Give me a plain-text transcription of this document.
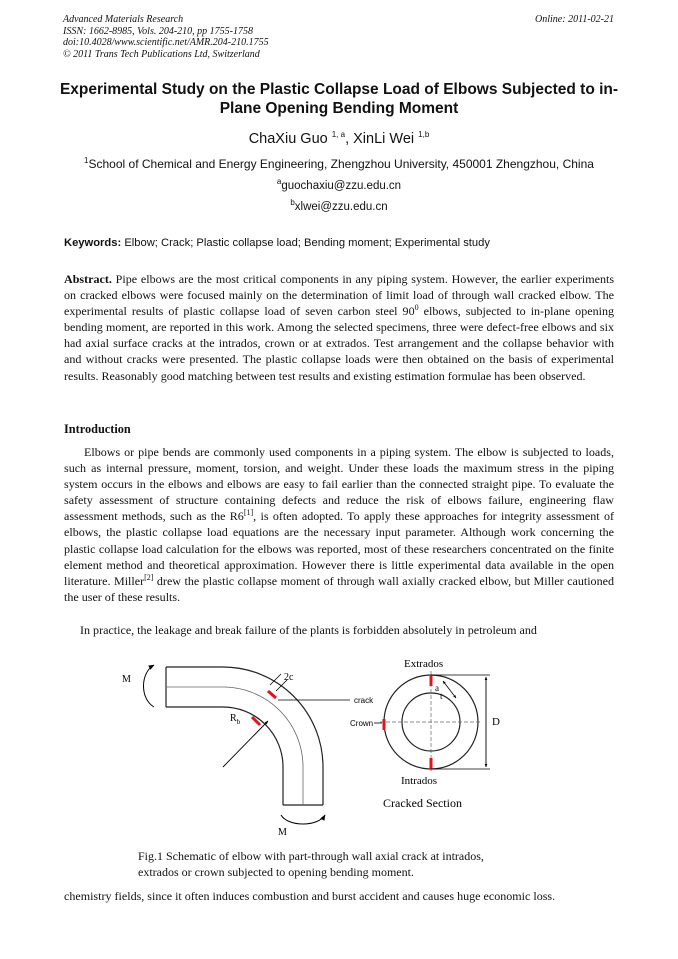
Advanced Materials Research
ISSN: 1662-8985, Vols. 204-210, pp 1755-1758
doi:10.4028/www.scientific.net/AMR.204-210.1755
© 2011 Trans Tech Publications Ltd, Switzerland
Online: 2011-02-21
Experimental Study on the Plastic Collapse Load of Elbows Subjected to in-Plane Opening Bending Moment
ChaXiu Guo $^{1, a}$, XinLi Wei $^{1,b}$
$^1$School of Chemical and Energy Engineering, Zhengzhou University, 450001 Zhengzhou, China
$^a$guochaxiu@zzu.edu.cn
$^b$xlwei@zzu.edu.cn
Keywords: Elbow; Crack; Plastic collapse load; Bending moment; Experimental study
Abstract. Pipe elbows are the most critical components in any piping system. However, the earlier experiments on cracked elbows were focused mainly on the determination of limit load of through wall cracked elbow. The experimental results of plastic collapse load of seven carbon steel $90^0$ elbows, subjected to in-plane opening bending moment, are reported in this work. Among the selected specimens, three were defect-free elbows and six had axial surface cracks at the intrados, crown or at extrados. Test arrangement and the collapse behavior with and without cracks were presented. The plastic collapse loads were then obtained on the basis of experimental results. Reasonably good matching between test results and existing estimation formulae has been observed.
Introduction
Elbows or pipe bends are commonly used components in a piping system. The elbow is subjected to loads, such as internal pressure, moment, torsion, and weight. Under these loads the maximum stress in the piping system occurs in the elbows and elbows are easy to fail earlier than the connected straight pipe. To evaluate the safety assessment of structure containing defects and reduce the risk of elbows failure, engineering flaw assessment methods, such as the R6[1], is often adopted. To apply these approaches for integrity assessment of elbows, the plastic collapse load equations are the necessary input parameter. Although work concerning the plastic collapse load calculation for the elbows was reported, most of these researchers concentrated on the finite element method and theoretical approximation. However there is little experimental data available in the open literature. Miller[2] drew the plastic collapse moment of through wall axially cracked elbow, but Miller cautioned the user of these results.
In practice, the leakage and break failure of the plants is forbidden absolutely in petroleum and
$R_b$
2c
crack
M
M
Extrados
a
t
Crown	D
Intrados
Cracked Section
Fig.1 Schematic of elbow with part-through wall axial crack at intrados,
extrados or crown subjected to opening bending moment.
chemistry fields, since it often induces combustion and burst accident and causes huge economic loss.
